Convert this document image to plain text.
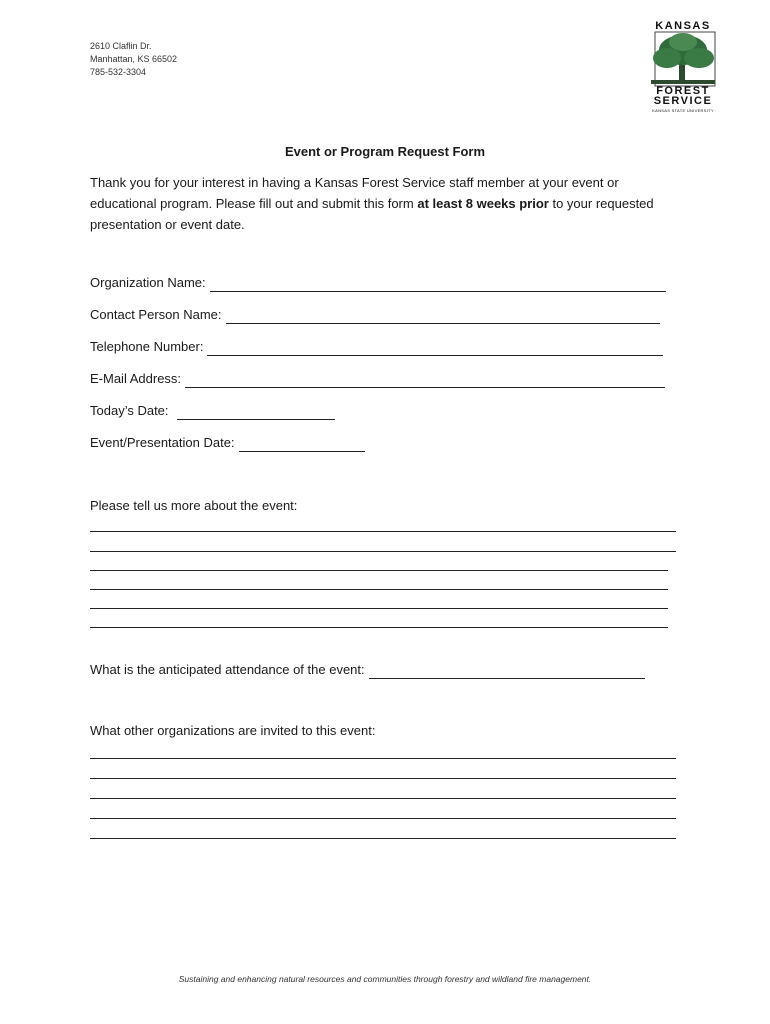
2610 Claflin Dr.
Manhattan, KS 66502
785-532-3304
KANSAS
FOREST
SERVICE
KANSAS STATE UNIVERSITY
Event or Program Request Form
Thank you for your interest in having a Kansas Forest Service staff member at your event or educational program. Please fill out and submit this form at least 8 weeks prior to your requested presentation or event date.
Organization Name:
Contact Person Name:
Telephone Number:
E-Mail Address:
Today’s Date:
Event/Presentation Date:
Please tell us more about the event:
What is the anticipated attendance of the event:
What other organizations are invited to this event:
Sustaining and enhancing natural resources and communities through forestry and wildland fire management.
